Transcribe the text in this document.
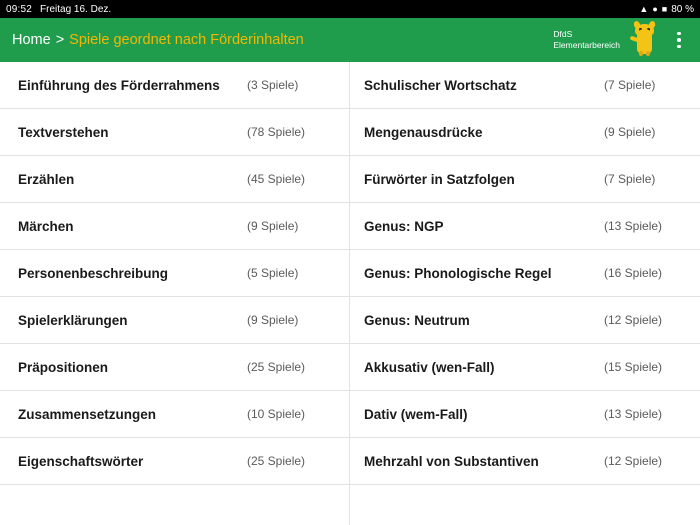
09:52 Freitag 16. Dez.	▲ ● ■ 80 %
Home > Spiele geordnet nach Förderinhalten	DfdS
Elementarbereich
Einführung des Förderrahmens	(3 Spiele)
Textverstehen	(78 Spiele)
Erzählen	(45 Spiele)
Märchen	(9 Spiele)
Personenbeschreibung	(5 Spiele)
Spielerklärungen	(9 Spiele)
Präpositionen	(25 Spiele)
Zusammensetzungen	(10 Spiele)
Eigenschaftswörter	(25 Spiele)
Schulischer Wortschatz	(7 Spiele)
Mengenausdrücke	(9 Spiele)
Fürwörter in Satzfolgen	(7 Spiele)
Genus: NGP	(13 Spiele)
Genus: Phonologische Regel	(16 Spiele)
Genus: Neutrum	(12 Spiele)
Akkusativ (wen-Fall)	(15 Spiele)
Dativ (wem-Fall)	(13 Spiele)
Mehrzahl von Substantiven	(12 Spiele)
